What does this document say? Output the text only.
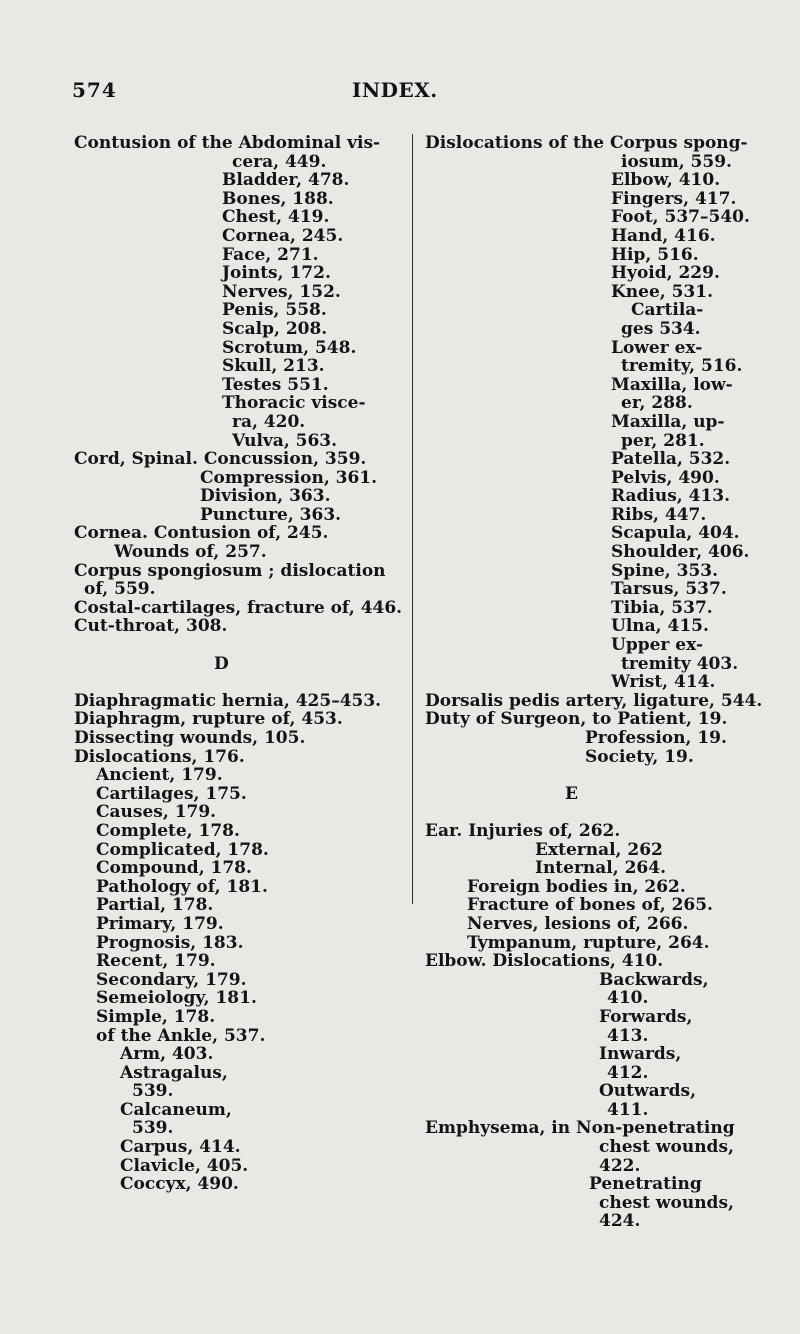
574	INDEX.
Contusion of the Abdominal vis-
cera, 449.
Bladder, 478.
Bones, 188.
Chest, 419.
Cornea, 245.
Face, 271.
Joints, 172.
Nerves, 152.
Penis, 558.
Scalp, 208.
Scrotum, 548.
Skull, 213.
Testes 551.
Thoracic visce-
ra, 420.
Vulva, 563.
Cord, Spinal. Concussion, 359.
Compression, 361.
Division, 363.
Puncture, 363.
Cornea. Contusion of, 245.
Wounds of, 257.
Corpus spongiosum ; dislocation
of, 559.
Costal-cartilages, fracture of, 446.
Cut-throat, 308.
D
Diaphragmatic hernia, 425–453.
Diaphragm, rupture of, 453.
Dissecting wounds, 105.
Dislocations, 176.
Ancient, 179.
Cartilages, 175.
Causes, 179.
Complete, 178.
Complicated, 178.
Compound, 178.
Pathology of, 181.
Partial, 178.
Primary, 179.
Prognosis, 183.
Recent, 179.
Secondary, 179.
Semeiology, 181.
Simple, 178.
of the Ankle, 537.
Arm, 403.
Astragalus,
539.
Calcaneum,
539.
Carpus, 414.
Clavicle, 405.
Coccyx, 490.
Dislocations of the Corpus spong-
iosum, 559.
Elbow, 410.
Fingers, 417.
Foot, 537–540.
Hand, 416.
Hip, 516.
Hyoid, 229.
Knee, 531.
Cartila-
ges 534.
Lower ex-
tremity, 516.
Maxilla, low-
er, 288.
Maxilla, up-
per, 281.
Patella, 532.
Pelvis, 490.
Radius, 413.
Ribs, 447.
Scapula, 404.
Shoulder, 406.
Spine, 353.
Tarsus, 537.
Tibia, 537.
Ulna, 415.
Upper ex-
tremity 403.
Wrist, 414.
Dorsalis pedis artery, ligature, 544.
Duty of Surgeon, to Patient, 19.
Profession, 19.
Society, 19.
E
Ear. Injuries of, 262.
External, 262
Internal, 264.
Foreign bodies in, 262.
Fracture of bones of, 265.
Nerves, lesions of, 266.
Tympanum, rupture, 264.
Elbow. Dislocations, 410.
Backwards,
410.
Forwards,
413.
Inwards,
412.
Outwards,
411.
Emphysema, in Non-penetrating
chest wounds,
422.
Penetrating
chest wounds,
424.
